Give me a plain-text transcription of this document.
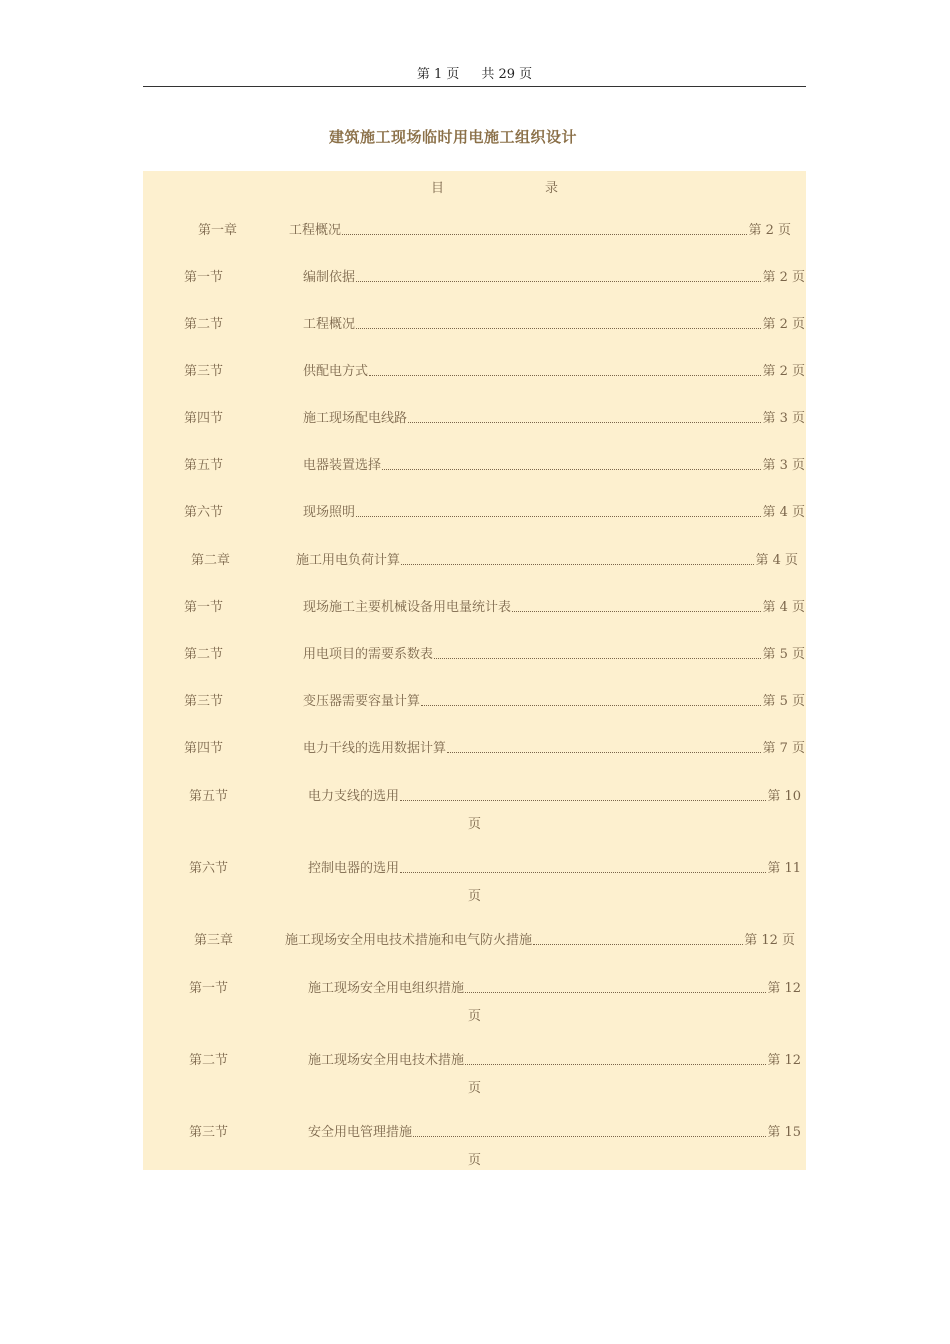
第 1 页 共 29 页
建筑施工现场临时用电施工组织设计
目	录
第一章	工程概况	第 2 页
第一节	编制依据	第 2 页
第二节	工程概况	第 2 页
第三节	供配电方式	第 2 页
第四节	施工现场配电线路	第 3 页
第五节	电器装置选择	第 3 页
第六节	现场照明	第 4 页
第二章	施工用电负荷计算	第 4 页
第一节	现场施工主要机械设备用电量统计表	第 4 页
第二节	用电项目的需要系数表	第 5 页
第三节	变压器需要容量计算	第 5 页
第四节	电力干线的选用数据计算	第 7 页
第五节	电力支线的选用	第 10
页
第六节	控制电器的选用	第 11
页
第三章	施工现场安全用电技术措施和电气防火措施	第 12 页
第一节	施工现场安全用电组织措施	第 12
页
第二节	施工现场安全用电技术措施	第 12
页
第三节	安全用电管理措施	第 15
页
